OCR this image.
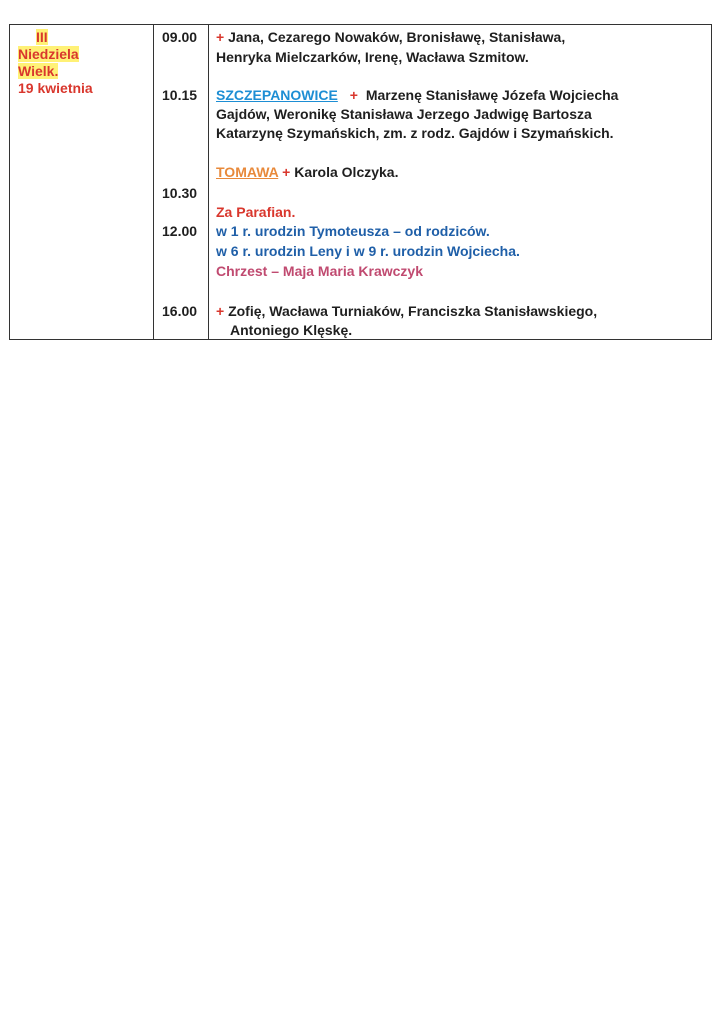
III
Niedziela
Wielk.
19 kwietnia
09.00
10.15
10.30
12.00
16.00
+ Jana, Cezarego Nowaków, Bronisławę, Stanisława,
Henryka Mielczarków, Irenę, Wacława Szmitow.
SZCZEPANOWICE + Marzenę Stanisławę Józefa Wojciecha
Gajdów, Weronikę Stanisława Jerzego Jadwigę Bartosza
Katarzynę Szymańskich, zm. z rodz. Gajdów i Szymańskich.
TOMAWA + Karola Olczyka.
Za Parafian.
w 1 r. urodzin Tymoteusza – od rodziców.
w 6 r. urodzin Leny i w 9 r. urodzin Wojciecha.
Chrzest – Maja Maria Krawczyk
+ Zofię, Wacława Turniaków, Franciszka Stanisławskiego,
Antoniego Klęskę.
